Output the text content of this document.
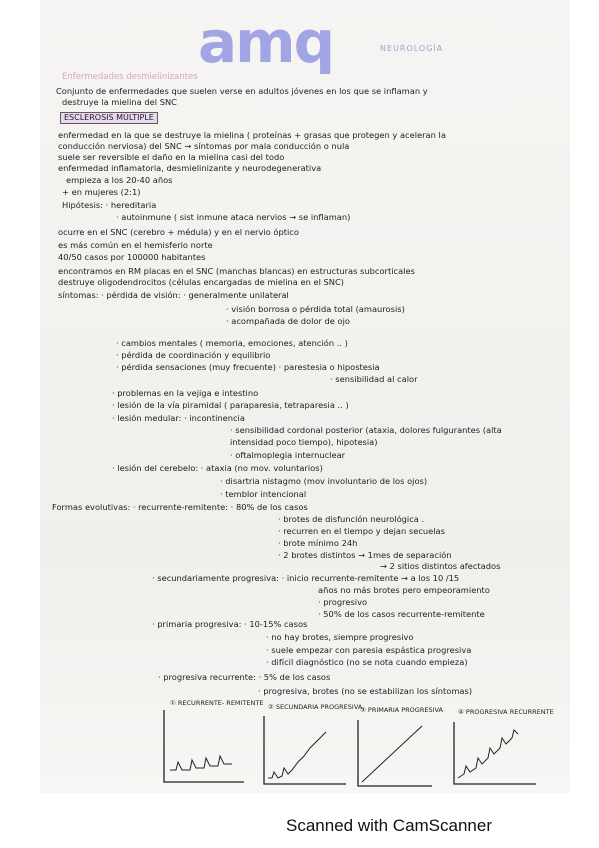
amq	NEUROLOGÍA
Enfermedades desmielinizantes
Conjunto de enfermedades que suelen verse en adultos jóvenes en los que se inflaman y
destruye la mielina del SNC
ESCLEROSIS MÚLTIPLE
enfermedad en la que se destruye la mielina ( proteínas + grasas que protegen y aceleran la
conducción nerviosa) del SNC → síntomas por mala conducción o nula
suele ser reversible el daño en la mielina casi del todo
enfermedad inflamatoria, desmielinizante y neurodegenerativa
empieza a los 20-40 años
+ en mujeres (2:1)
Hipótesis: · hereditaria
· autoinmune ( sist inmune ataca nervios → se inflaman)
ocurre en el SNC (cerebro + médula) y en el nervio óptico
es más común en el hemisferio norte
40/50 casos por 100000 habitantes
encontramos en RM placas en el SNC (manchas blancas) en estructuras subcorticales
destruye oligodendrocitos (células encargadas de mielina en el SNC)
síntomas: · pérdida de visión: · generalmente unilateral
· visión borrosa o pérdida total (amaurosis)
· acompañada de dolor de ojo
· cambios mentales ( memoria, emociones, atención .. )
· pérdida de coordinación y equilibrio
· pérdida sensaciones (muy frecuente) · parestesia o hipostesia
· sensibilidad al calor
· problemas en la vejiga e intestino
· lesión de la vía piramidal ( paraparesia, tetraparesia .. )
· lesión medular: · incontinencia
· sensibilidad cordonal posterior (ataxia, dolores fulgurantes (alta
intensidad poco tiempo), hipotesia)
· oftalmoplegia internuclear
· lesión del cerebelo: · ataxia (no mov. voluntarios)
· disartria nistagmo (mov involuntario de los ojos)
· temblor intencional
Formas evolutivas: · recurrente-remitente: · 80% de los casos
· brotes de disfunción neurológica .
· recurren en el tiempo y dejan secuelas
· brote mínimo 24h
· 2 brotes distintos → 1mes de separación
→ 2 sitios distintos afectados
· secundariamente progresiva: · inicio recurrente-remitente → a los 10 /15
años no más brotes pero empeoramiento
· progresivo
· 50% de los casos recurrente-remitente
· primaria progresiva: · 10-15% casos
· no hay brotes, siempre progresivo
· suele empezar con paresia espástica progresiva
· difícil diagnóstico (no se nota cuando empieza)
· progresiva recurrente: · 5% de los casos
· progresiva, brotes (no se estabilizan los síntomas)
① RECURRENTE- REMITENTE ② SECUNDARIA PROGRESIVA
③ PRIMARIA PROGRESIVA ④ PROGRESIVA RECURRENTE
Scanned with CamScanner
